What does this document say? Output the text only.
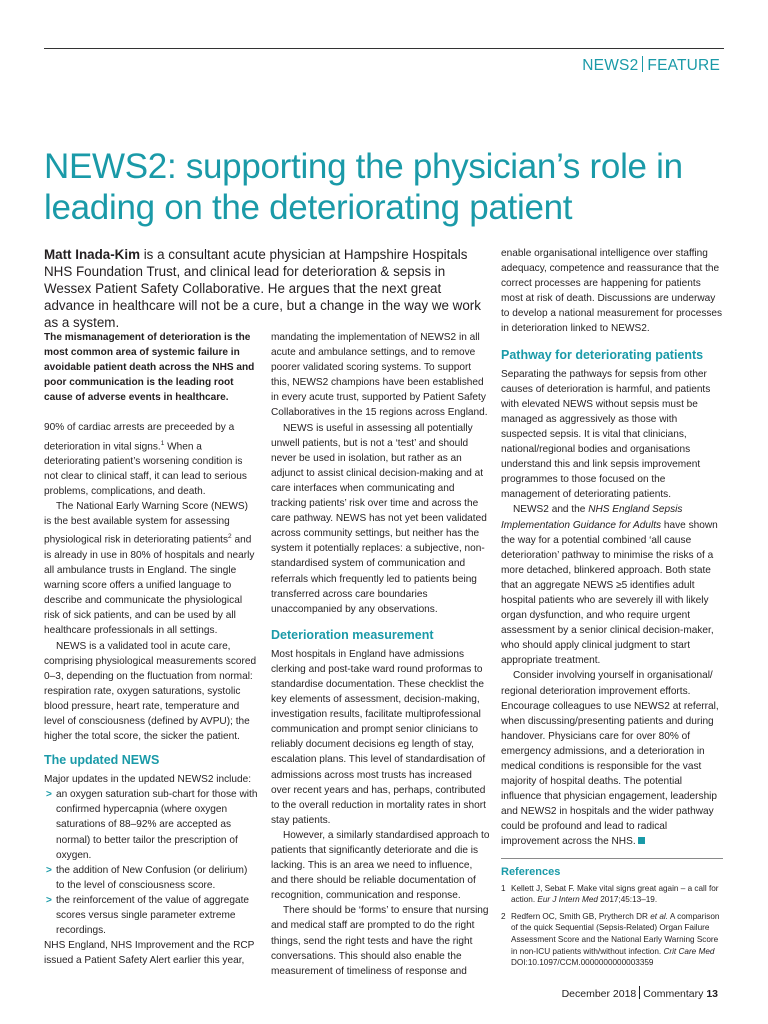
NEWS2 FEATURE
NEWS2: supporting the physician’s role in leading on the deteriorating patient

Matt Inada-Kim is a consultant acute physician at Hampshire Hospitals NHS Foundation Trust, and clinical lead for deterioration & sepsis in Wessex Patient Safety Collaborative. He argues that the next great advance in healthcare will not be a cure, but a change in the way we work as a system.

The mismanagement of deterioration is the most common area of systemic failure in avoidable patient death across the NHS and poor communication is the leading root cause of adverse events in healthcare.

90% of cardiac arrests are preceeded by a deterioration in vital signs.$^1$ When a deteriorating patient’s worsening condition is not clear to clinical staff, it can lead to serious problems, complications, and death.

The National Early Warning Score (NEWS) is the best available system for assessing physiological risk in deteriorating patients$^2$ and is already in use in 80% of hospitals and nearly all ambulance trusts in England. The single warning score offers a unified language to describe and communicate the physiological risk of sick patients, and can be used by all healthcare professionals in all settings.

NEWS is a validated tool in acute care, comprising physiological measurements scored 0–3, depending on the fluctuation from normal: respiration rate, oxygen saturations, systolic blood pressure, heart rate, temperature and level of consciousness (defined by AVPU); the higher the total score, the sicker the patient.

The updated NEWS

Major updates in the updated NEWS2 include:

> an oxygen saturation sub-chart for those with confirmed hypercapnia (where oxygen saturations of 88–92% are accepted as normal) to better tailor the prescription of oxygen.
> the addition of New Confusion (or delirium) to the level of consciousness score.
> the reinforcement of the value of aggregate scores versus single parameter extreme recordings.

NHS England, NHS Improvement and the RCP issued a Patient Safety Alert earlier this year,

mandating the implementation of NEWS2 in all acute and ambulance settings, and to remove poorer validated scoring systems. To support this, NEWS2 champions have been established in every acute trust, supported by Patient Safety Collaboratives in the 15 regions across England.

NEWS is useful in assessing all potentially unwell patients, but is not a ‘test’ and should never be used in isolation, but rather as an adjunct to assist clinical decision-making and at care interfaces when communicating and tracking patients’ risk over time and across the care pathway. NEWS has not yet been validated across community settings, but neither has the system it potentially replaces: a subjective, non-standardised system of communication and referrals which frequently led to patients being transferred across care boundaries unaccompanied by any observations.

Deterioration measurement

Most hospitals in England have admissions clerking and post-take ward round proformas to standardise documentation. These checklist the key elements of assessment, decision-making, investigation results, facilitate multiprofessional communication and prompt senior clinicians to reliably document decisions eg length of stay, escalation plans. This level of standardisation of admissions across most trusts has increased over recent years and has, perhaps, contributed to the overall reduction in mortality rates in short stay patients.

However, a similarly standardised approach to patients that significantly deteriorate and die is lacking. This is an area we need to influence, and there should be reliable documentation of recognition, communication and response.

There should be ‘forms’ to ensure that nursing and medical staff are prompted to do the right things, send the right tests and have the right conversations. This should also enable the measurement of timeliness of response and

enable organisational intelligence over staffing adequacy, competence and reassurance that the correct processes are happening for patients most at risk of death. Discussions are underway to develop a national measurement for processes in deterioration linked to NEWS2.

Pathway for deteriorating patients

Separating the pathways for sepsis from other causes of deterioration is harmful, and patients with elevated NEWS without sepsis must be managed as aggressively as those with suspected sepsis. It is vital that clinicians, national/regional bodies and organisations understand this and link sepsis improvement programmes to those focused on the management of deteriorating patients.

NEWS2 and the NHS England Sepsis Implementation Guidance for Adults have shown the way for a potential combined ‘all cause deterioration’ pathway to minimise the risks of a more detached, blinkered approach. Both state that an aggregate NEWS ≥5 identifies adult hospital patients who are severely ill with likely organ dysfunction, and who require urgent assessment by a senior clinical decision-maker, who should apply clinical judgment to start appropriate treatment.

Consider involving yourself in organisational/ regional deterioration improvement efforts. Encourage colleagues to use NEWS2 at referral, when discussing/presenting patients and during handover. Physicians care for over 80% of emergency admissions, and a deterioration in medical conditions is responsible for the vast majority of hospital deaths. The potential influence that physician engagement, leadership and NEWS2 in hospitals and the wider pathway could be profound and lead to radical improvement across the NHS.

References

1 Kellett J, Sebat F. Make vital signs great again – a call for action. Eur J Intern Med 2017;45:13–19.

2 Redfern OC, Smith GB, Prytherch DR et al. A comparison of the quick Sequential (Sepsis-Related) Organ Failure Assessment Score and the National Early Warning Score in non-ICU patients with/without infection. Crit Care Med DOI:10.1097/CCM.0000000000003359

December 2018 Commentary 13
